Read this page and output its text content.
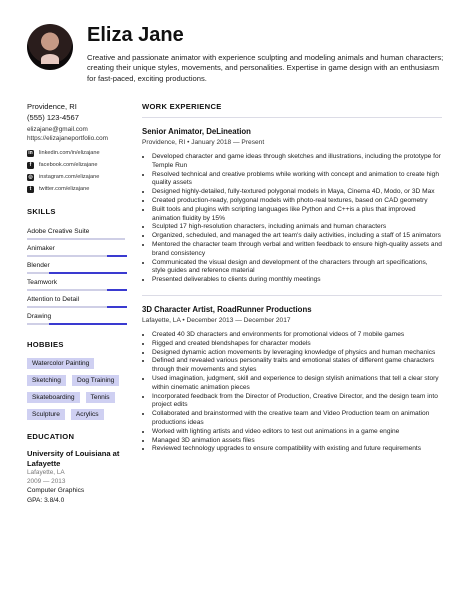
Eliza Jane
Creative and passionate animator with experience sculpting and modeling animals and human characters; creating their unique styles, movements, and personalities. Expertise in game design with an enthusiasm for fast-paced, exciting productions.
Providence, RI
(555) 123-4567
elizajane@gmail.com
https://elizajaneportfolio.com
in linkedin.com/in/elizajane
f	facebook.com/elizajane
◎ instagram.com/elizajane
t	twitter.com/elizajane
SKILLS
Adobe Creative Suite
Animaker
Blender
Teamwork
Attention to Detail
Drawing
HOBBIES
Watercolor Painting
Sketching	Dog Training
Skateboarding	Tennis
Sculpture	Acrylics
EDUCATION
University of Louisiana at Lafayette
Lafayette, LA
2009 — 2013
Computer Graphics
GPA: 3.8/4.0
WORK EXPERIENCE
Senior Animator, DeLineation
Providence, RI • January 2018 — Present
• Developed character and game ideas through sketches and illustrations, including the prototype for Temple Run
• Resolved technical and creative problems while working with concept and animation to create high quality assets
• Designed highly-detailed, fully-textured polygonal models in Maya, Cinema 4D, Modo, or 3D Max
• Created production-ready, polygonal models with photo-real textures, based on CAD geometry
• Built tools and plugins with scripting languages like Python and C++is a plus that improved animation fluidity by 15%
• Sculpted 17 high-resolution characters, including animals and human characters
• Organized, scheduled, and managed the art team's daily activities, including a staff of 15 animators
• Mentored the character team through verbal and written feedback to ensure high-quality assets and brand consistency
• Communicated the visual design and development of the characters through art specifications, style guides and reference material
• Presented deliverables to clients during monthly meetings
3D Character Artist, RoadRunner Productions
Lafayette, LA • December 2013 — December 2017
• Created 40 3D characters and environments for promotional videos of 7 mobile games
• Rigged and created blendshapes for character models
• Designed dynamic action movements by leveraging knowledge of physics and human mechanics
• Defined and revealed various personality traits and emotional states of different game characters through their movements and styles
• Used imagination, judgment, skill and experience to design stylish animations that tell a clear story within cinematic animation pieces
• Incorporated feedback from the Director of Production, Creative Director, and the design team into project edits
• Collaborated and brainstormed with the creative team and Video Production team on animation productions ideas
• Worked with lighting artists and video editors to test out animations in a game engine
• Managed 3D animation assets files
• Reviewed technology upgrades to ensure compatibility with existing and future requirements
